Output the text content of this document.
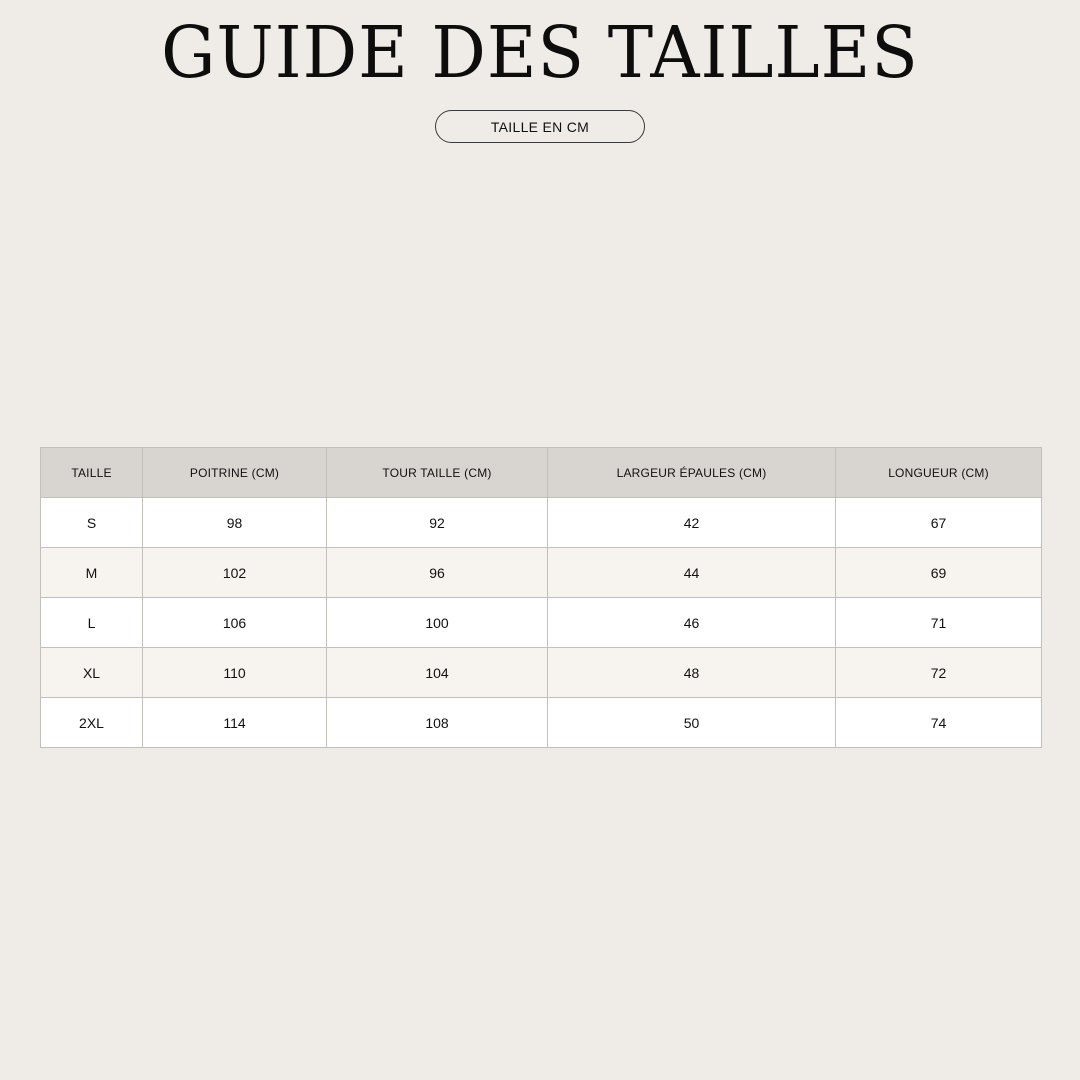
GUIDE DES TAILLES
TAILLE EN CM
TAILLE	POITRINE (CM)	TOUR TAILLE (CM)	LARGEUR ÉPAULES (CM)	LONGUEUR (CM)
S	98	92	42	67
M	102	96	44	69
L	106	100	46	71
XL	110	104	48	72
2XL	114	108	50	74
